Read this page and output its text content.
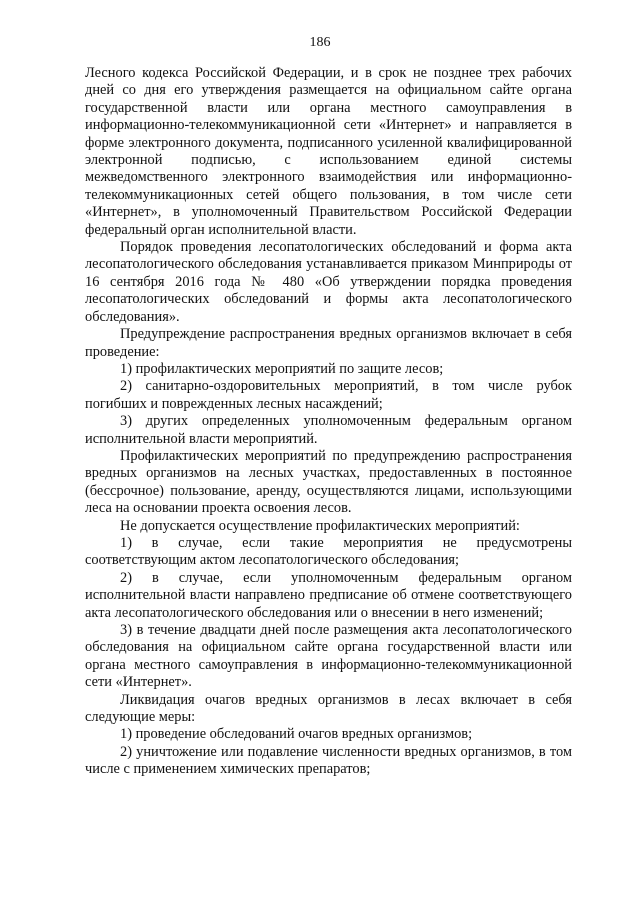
186

Лесного кодекса Российской Федерации, и в срок не позднее трех рабочих дней со дня его утверждения размещается на официальном сайте органа государственной власти или органа местного самоуправления в информационно-телекоммуникационной сети «Интернет» и направляется в форме электронного документа, подписанного усиленной квалифицированной электронной подписью, с использованием единой системы межведомственного электронного взаимодействия или информационно-телекоммуникационных сетей общего пользования, в том числе сети «Интернет», в уполномоченный Правительством Российской Федерации федеральный орган исполнительной власти.

Порядок проведения лесопатологических обследований и форма акта лесопатологического обследования устанавливается приказом Минприроды от 16 сентября 2016 года № 480 «Об утверждении порядка проведения лесопатологических обследований и формы акта лесопатологического обследования».

Предупреждение распространения вредных организмов включает в себя проведение:

1) профилактических мероприятий по защите лесов;

2) санитарно-оздоровительных мероприятий, в том числе рубок погибших и поврежденных лесных насаждений;

3) других определенных уполномоченным федеральным органом исполнительной власти мероприятий.

Профилактических мероприятий по предупреждению распространения вредных организмов на лесных участках, предоставленных в постоянное (бессрочное) пользование, аренду, осуществляются лицами, использующими леса на основании проекта освоения лесов.

Не допускается осуществление профилактических мероприятий:

1) в случае, если такие мероприятия не предусмотрены соответствующим актом лесопатологического обследования;

2) в случае, если уполномоченным федеральным органом исполнительной власти направлено предписание об отмене соответствующего акта лесопатологического обследования или о внесении в него изменений;

3) в течение двадцати дней после размещения акта лесопатологического обследования на официальном сайте органа государственной власти или органа местного самоуправления в информационно-телекоммуникационной сети «Интернет».

Ликвидация очагов вредных организмов в лесах включает в себя следующие меры:

1) проведение обследований очагов вредных организмов;

2) уничтожение или подавление численности вредных организмов, в том числе с применением химических препаратов;
